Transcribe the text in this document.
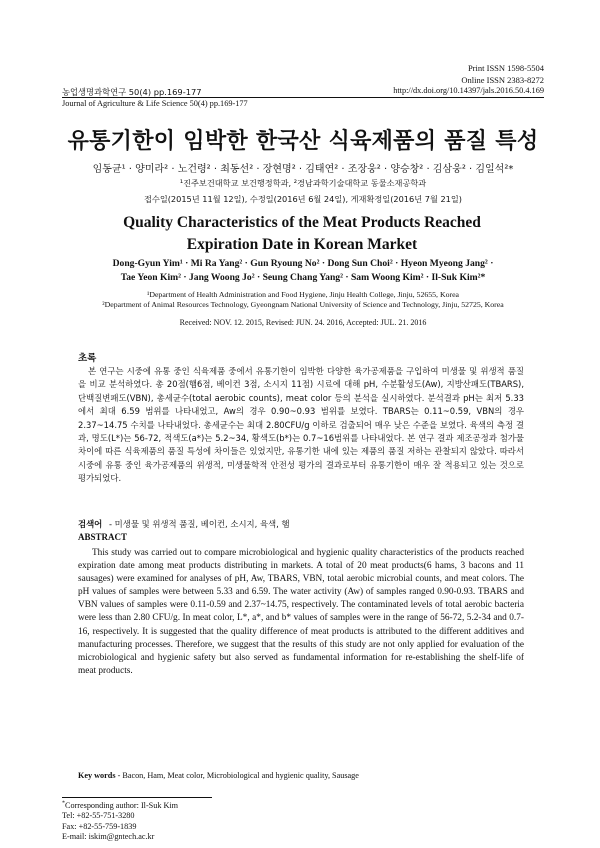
Print ISSN 1598-5504
Online ISSN 2383-8272
농업생명과학연구 50(4) pp.169-177	http://dx.doi.org/10.14397/jals.2016.50.4.169
Journal of Agriculture & Life Science 50(4) pp.169-177
유통기한이 임박한 한국산 식육제품의 품질 특성
임동균¹ · 양미라² · 노건령² · 최동선² · 장현명² · 김태연² · 조장웅² · 양승창² · 김삼웅² · 김일석²*
¹진주보건대학교 보건행정학과, ²경남과학기술대학교 동물소재공학과
접수일(2015년 11월 12일), 수정일(2016년 6월 24일), 게재확정일(2016년 7월 21일)
Quality Characteristics of the Meat Products Reached
Expiration Date in Korean Market
Dong-Gyun Yim¹ · Mi Ra Yang² · Gun Ryoung No² · Dong Sun Choi² · Hyeon Myeong Jang² ·
Tae Yeon Kim² · Jang Woong Jo² · Seung Chang Yang² · Sam Woong Kim² · Il-Suk Kim²*
¹Department of Health Administration and Food Hygiene, Jinju Health College, Jinju, 52655, Korea
²Department of Animal Resources Technology, Gyeongnam National University of Science and Technology, Jinju, 52725, Korea
Received: NOV. 12. 2015, Revised: JUN. 24. 2016, Accepted: JUL. 21. 2016
초록
본 연구는 시중에 유통 중인 식육제품 중에서 유통기한이 임박한 다양한 육가공제품을 구입하여 미생물 및 위생적 품질을 비교 분석하였다. 총 20점(햄6점, 베이컨 3점, 소시지 11점) 시료에 대해 pH, 수분활성도(Aw), 지방산패도(TBARS), 단백질변패도(VBN), 총세균수(total aerobic counts), meat color 등의 분석을 실시하였다. 분석결과 pH는 최저 5.33에서 최대 6.59 범위를 나타내었고, Aw의 경우 0.90~0.93 범위를 보였다. TBARS는 0.11~0.59, VBN의 경우 2.37~14.75 수치를 나타내었다. 총세균수는 최대 2.80CFU/g 이하로 검출되어 매우 낮은 수준을 보였다. 육색의 측정 결과, 명도(L*)는 56-72, 적색도(a*)는 5.2~34, 황색도(b*)는 0.7~16범위를 나타내었다. 본 연구 결과 제조공정과 첨가물 차이에 따른 식육제품의 품질 특성에 차이들은 있었지만, 유통기한 내에 있는 제품의 품질 저하는 관찰되지 않았다. 따라서 시중에 유통 중인 육가공제품의 위생적, 미생물학적 안전성 평가의 결과로부터 유통기한이 매우 잘 적용되고 있는 것으로 평가되었다.
검색어 - 미생물 및 위생적 품질, 베이컨, 소시지, 육색, 햄
ABSTRACT
This study was carried out to compare microbiological and hygienic quality characteristics of the products reached expiration date among meat products distributing in markets. A total of 20 meat products(6 hams, 3 bacons and 11 sausages) were examined for analyses of pH, Aw, TBARS, VBN, total aerobic microbial counts, and meat colors. The pH values of samples were between 5.33 and 6.59. The water activity (Aw) of samples ranged 0.90-0.93. TBARS and VBN values of samples were 0.11-0.59 and 2.37~14.75, respectively. The contaminated levels of total aerobic bacteria were less than 2.80 CFU/g. In meat color, L*, a*, and b* values of samples were in the range of 56-72, 5.2-34 and 0.7-16, respectively. It is suggested that the quality difference of meat products is attributed to the different additives and manufacturing processes. Therefore, we suggest that the results of this study are not only applied for evaluation of the microbiological and hygienic safety but also served as fundamental information for re-establishing the shelf-life of meat products.
Key words - Bacon, Ham, Meat color, Microbiological and hygienic quality, Sausage
*Corresponding author: Il-Suk Kim
Tel: +82-55-751-3280
Fax: +82-55-759-1839
E-mail: iskim@gntech.ac.kr
